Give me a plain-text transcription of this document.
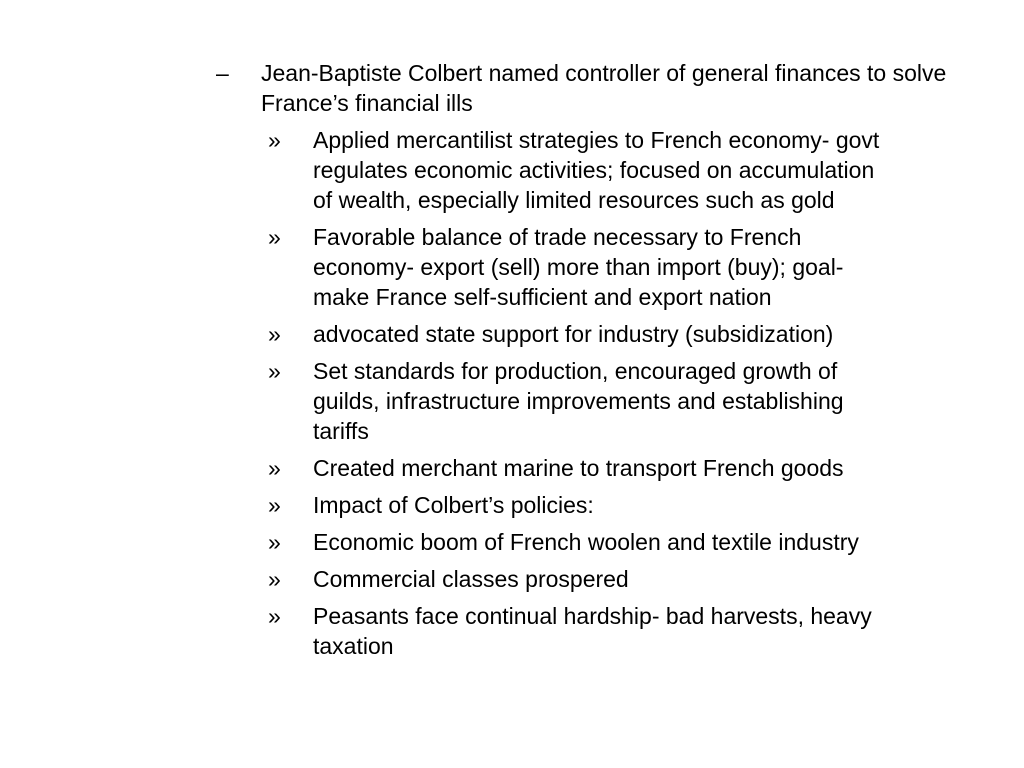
–	Jean-Baptiste Colbert named controller of general finances to solve France’s financial ills
»	Applied mercantilist strategies to French economy- govt
regulates economic activities; focused on accumulation
of wealth, especially limited resources such as gold
»	Favorable balance of trade necessary to French
economy- export (sell) more than import (buy); goal-
make France self-sufficient and export nation
»	advocated state support for industry (subsidization)
»	Set standards for production, encouraged growth of
guilds, infrastructure improvements and establishing
tariffs
»	Created merchant marine to transport French goods
»	Impact of Colbert’s policies:
»	Economic boom of French woolen and textile industry
»	Commercial classes prospered
»	Peasants face continual hardship- bad harvests, heavy
taxation
